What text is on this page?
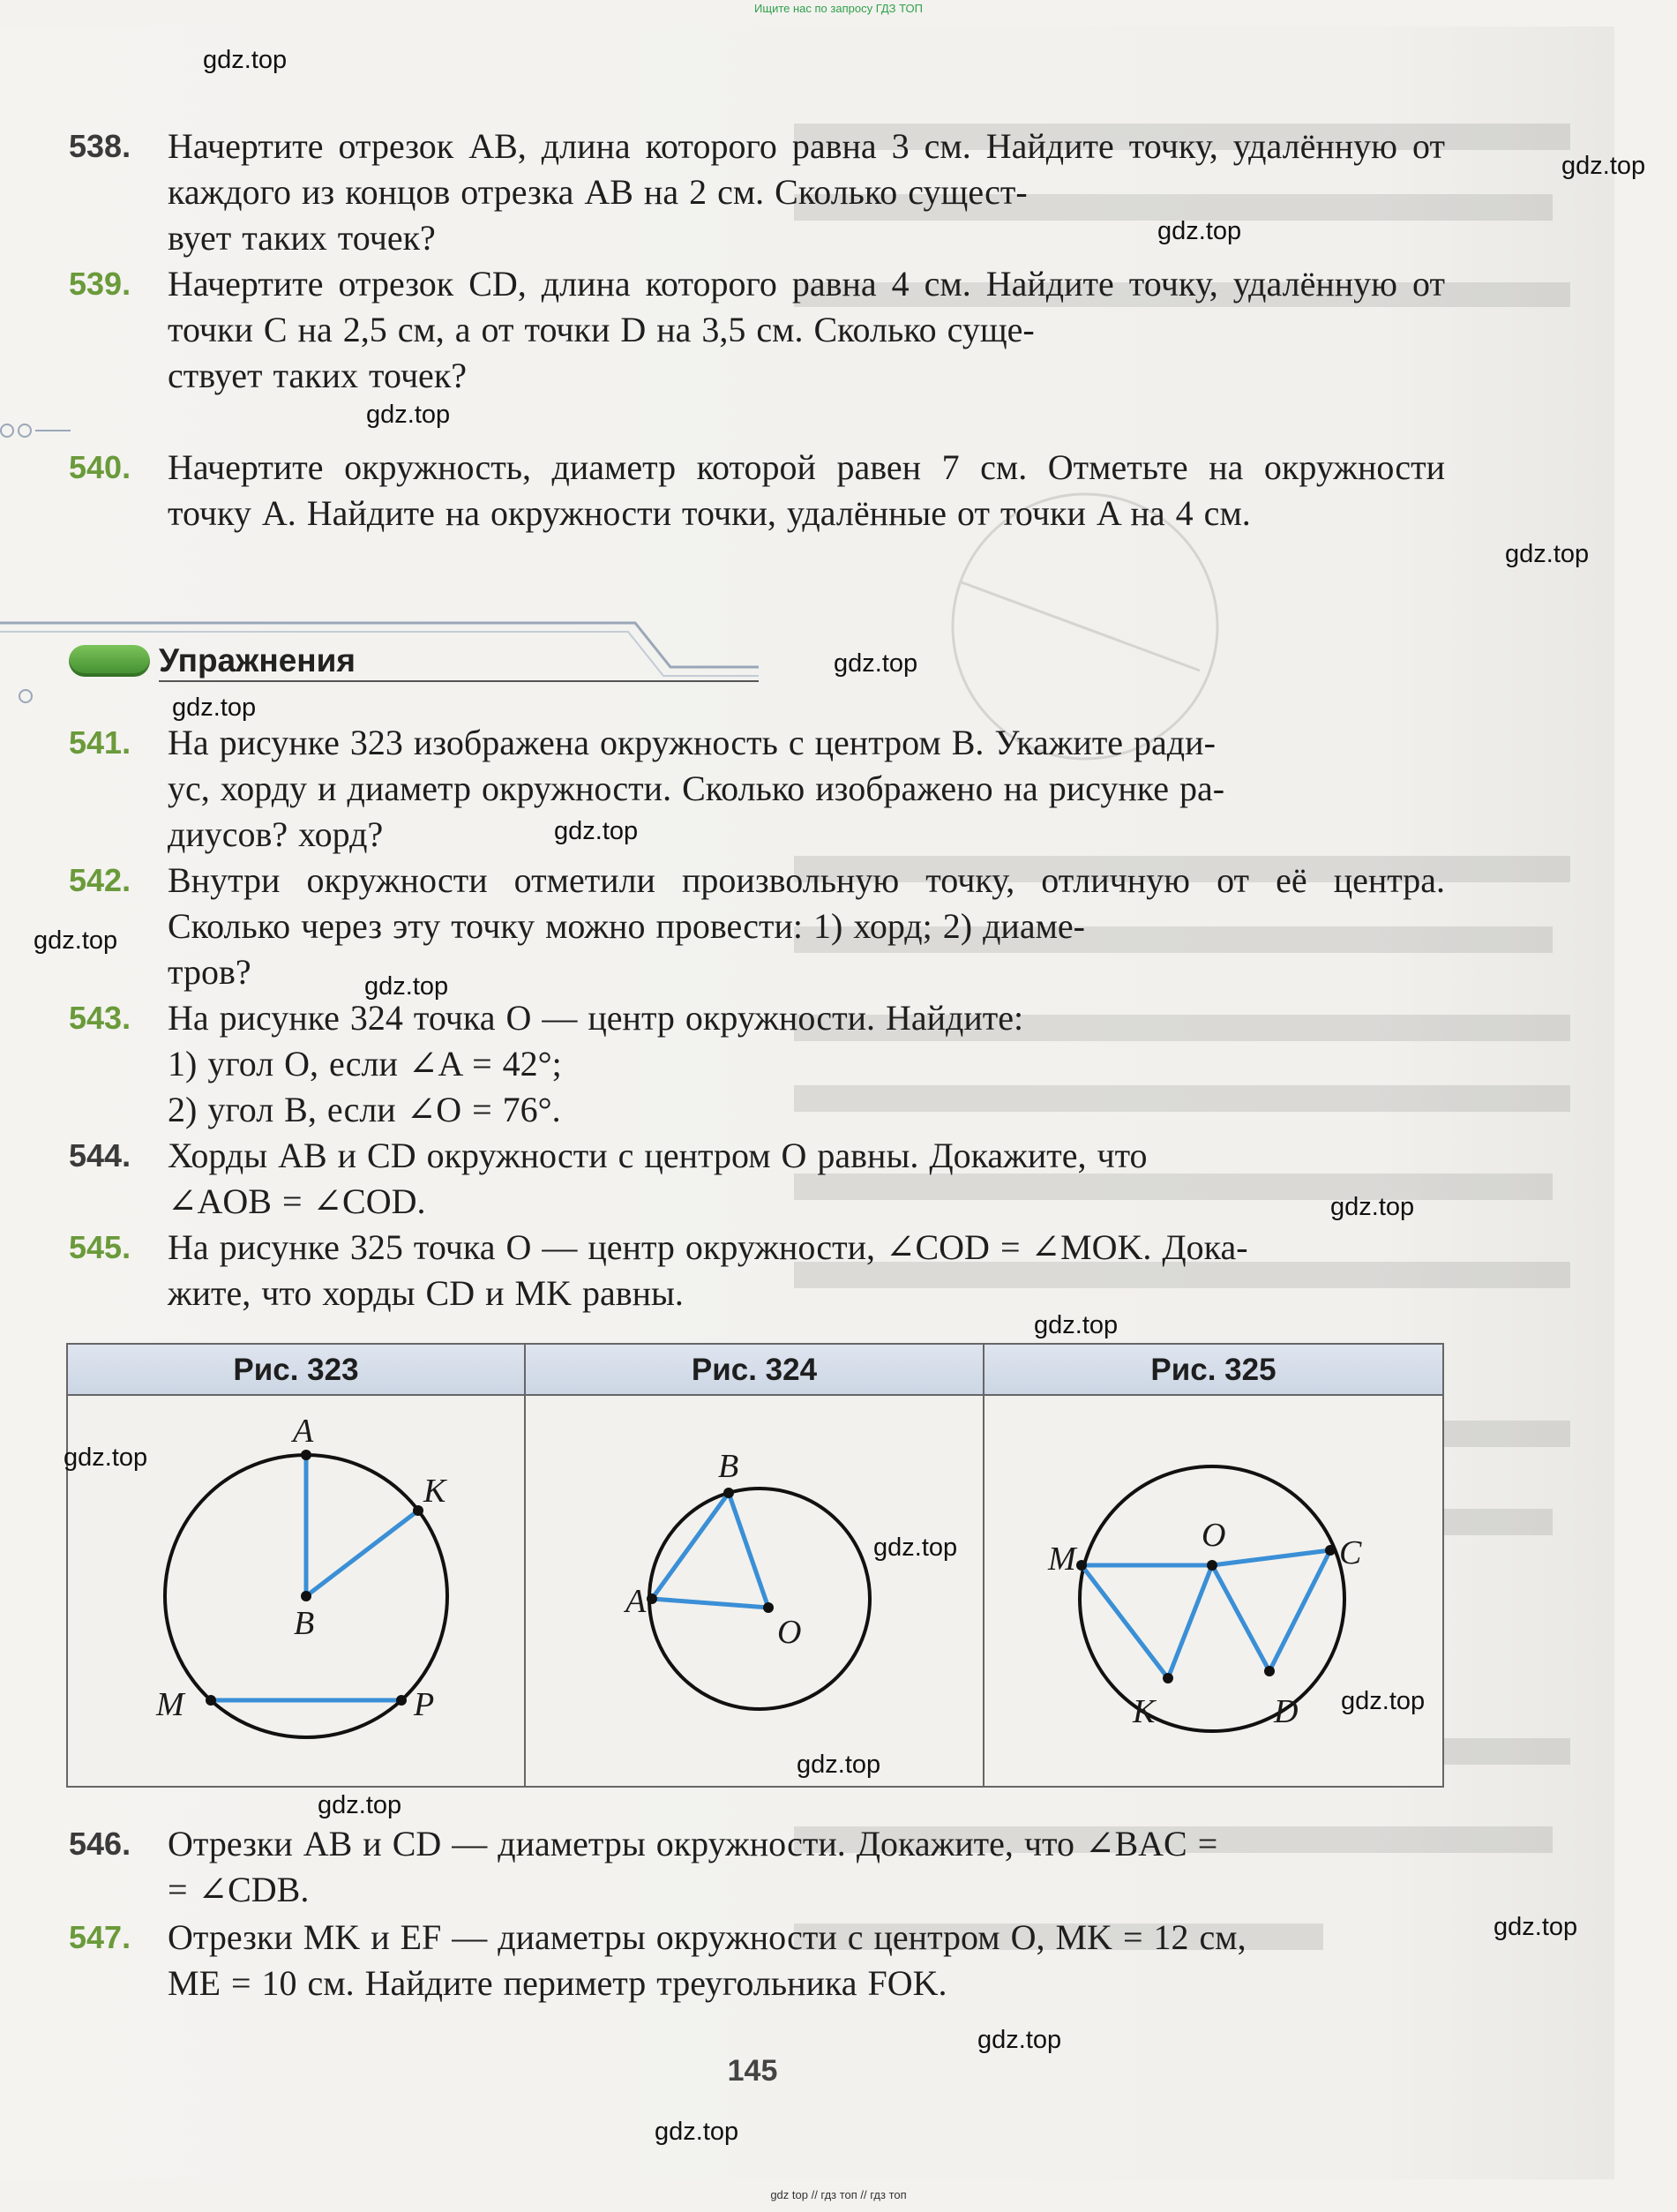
Ищите нас по запросу ГДЗ ТОП
538. Начертите отрезок AB, длина которого равна 3 см. Найдите точку, удалённую от каждого из концов отрезка AB на 2 см. Сколько сущест-
вует таких точек?
539. Начертите отрезок CD, длина которого равна 4 см. Найдите точку, удалённую от точки C на 2,5 см, а от точки D на 3,5 см. Сколько суще-
ствует таких точек?
540. Начертите окружность, диаметр которой равен 7 см. Отметьте на окружности точку A. Найдите на окружности точки, удалённые от точки A на 4 см.
Упражнения
541. На рисунке 323 изображена окружность с центром B. Укажите ради-
ус, хорду и диаметр окружности. Сколько изображено на рисунке ра-
диусов? хорд?
542. Внутри окружности отметили произвольную точку, отличную от её центра. Сколько через эту точку можно провести: 1) хорд; 2) диаме-
тров?
543. На рисунке 324 точка O — центр окружности. Найдите:
1) угол O, если ∠A = 42°;
2) угол B, если ∠O = 76°.
544. Хорды AB и CD окружности с центром O равны. Докажите, что
∠AOB = ∠COD.
545. На рисунке 325 точка O — центр окружности, ∠COD = ∠MOK. Дока-
жите, что хорды CD и MK равны.
Рис. 323	Рис. 324	Рис. 325
A
K
B
M	P
B
A
O
M
O	C
K	D
546. Отрезки AB и CD — диаметры окружности. Докажите, что ∠BAC =
= ∠CDB.
547. Отрезки MK и EF — диаметры окружности с центром O, MK = 12 см,
ME = 10 см. Найдите периметр треугольника FOK.
145
gdz.top
gdz.top
gdz.top
gdz.top
gdz.top
gdz.top
gdz.top
gdz.top
gdz.top
gdz.top
gdz.top
gdz.top
gdz.top
gdz.top
gdz.top
gdz.top
gdz.top
gdz.top
gdz.top
gdz.top
gdz top // гдз топ // гдз топ
